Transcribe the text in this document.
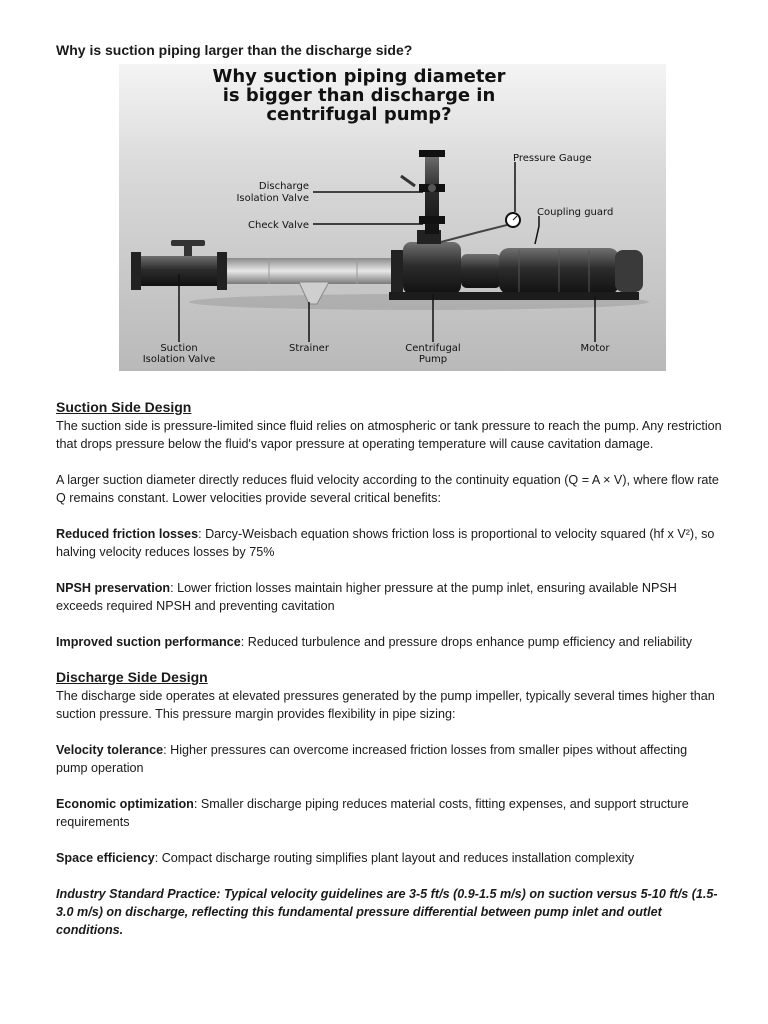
Why is suction piping larger than the discharge side?
Why suction piping diameter
is bigger than discharge in
centrifugal pump?
Discharge
Isolation Valve
Check Valve
Pressure Gauge
Coupling guard
Suction
Isolation Valve
Strainer	Centrifugal
Pump
Motor
Suction Side Design

The suction side is pressure-limited since fluid relies on atmospheric or tank pressure to reach the pump. Any restriction that drops pressure below the fluid's vapor pressure at operating temperature will cause cavitation damage.

A larger suction diameter directly reduces fluid velocity according to the continuity equation (Q = A × V), where flow rate Q remains constant. Lower velocities provide several critical benefits:

Reduced friction losses: Darcy-Weisbach equation shows friction loss is proportional to velocity squared (hf x V²), so halving velocity reduces losses by 75%

NPSH preservation: Lower friction losses maintain higher pressure at the pump inlet, ensuring available NPSH exceeds required NPSH and preventing cavitation

Improved suction performance: Reduced turbulence and pressure drops enhance pump efficiency and reliability

Discharge Side Design

The discharge side operates at elevated pressures generated by the pump impeller, typically several times higher than suction pressure. This pressure margin provides flexibility in pipe sizing:

Velocity tolerance: Higher pressures can overcome increased friction losses from smaller pipes without affecting pump operation

Economic optimization: Smaller discharge piping reduces material costs, fitting expenses, and support structure requirements

Space efficiency: Compact discharge routing simplifies plant layout and reduces installation complexity

Industry Standard Practice: Typical velocity guidelines are 3-5 ft/s (0.9-1.5 m/s) on suction versus 5-10 ft/s (1.5-3.0 m/s) on discharge, reflecting this fundamental pressure differential between pump inlet and outlet conditions.
